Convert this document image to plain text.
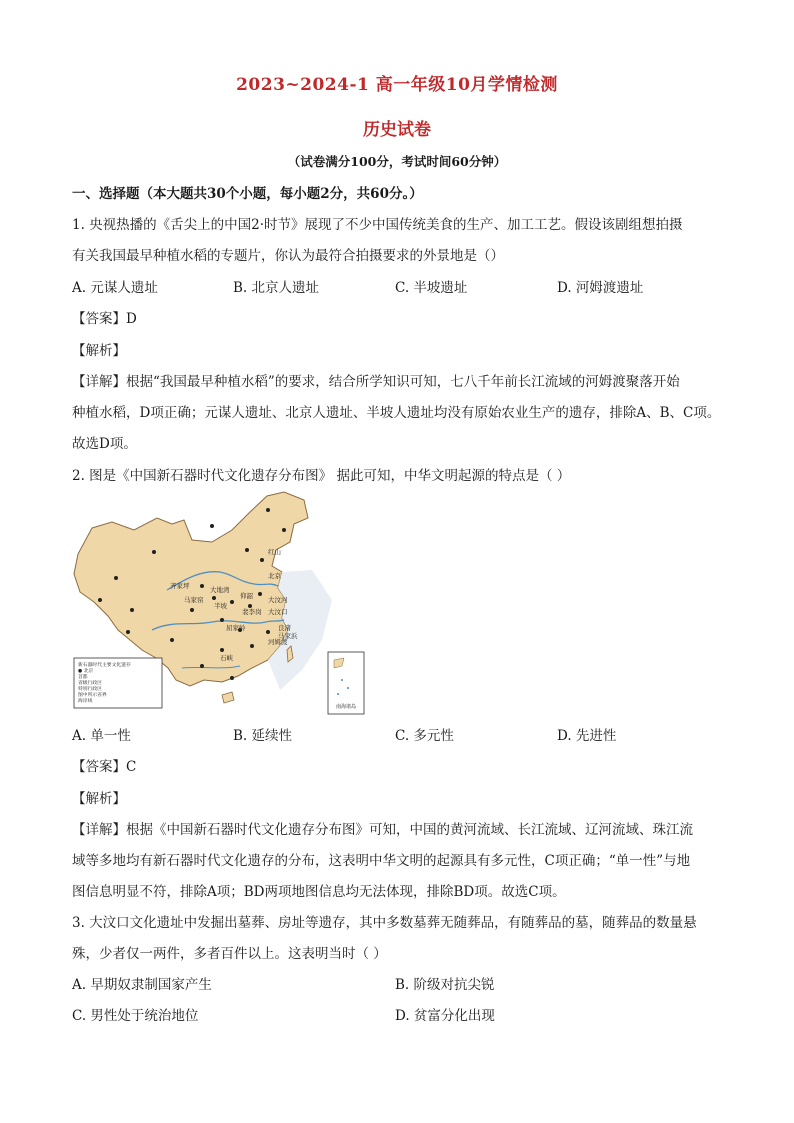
2023~2024-1 高一年级10月学情检测
历史试卷
（试卷满分100分，考试时间60分钟）
一、选择题（本大题共30个小题，每小题2分，共60分。）
1. 央视热播的《舌尖上的中国2·时节》展现了不少中国传统美食的生产、加工工艺。假设该剧组想拍摄
有关我国最早种植水稻的专题片，你认为最符合拍摄要求的外景地是（）
A. 元谋人遗址	B. 北京人遗址	C. 半坡遗址	D. 河姆渡遗址
【答案】D
【解析】
【详解】根据“我国最早种植水稻”的要求，结合所学知识可知，七八千年前长江流域的河姆渡聚落开始
种植水稻，D项正确；元谋人遗址、北京人遗址、半坡人遗址均没有原始农业生产的遗存，排除A、B、C项。
故选D项。
2. 图是《中国新石器时代文化遗存分布图》 据此可知，中华文明起源的特点是（ ）
红山
北京
大汶河
大地湾
马家窑
齐家坪
半坡
仰韶
裴李岗 大汶口
屈家岭	良渚
河姆渡
马家浜
石峡
新石器时代主要文化遗存
● 北京
首都
省级行政区
特别行政区
图中所示省界
海岸线
南海诸岛
A. 单一性	B. 延续性	C. 多元性	D. 先进性
【答案】C
【解析】
【详解】根据《中国新石器时代文化遗存分布图》可知，中国的黄河流域、长江流域、辽河流域、珠江流
域等多地均有新石器时代文化遗存的分布，这表明中华文明的起源具有多元性，C项正确；“单一性”与地
图信息明显不符，排除A项；BD两项地图信息均无法体现，排除BD项。故选C项。
3. 大汶口文化遗址中发掘出墓葬、房址等遗存，其中多数墓葬无随葬品，有随葬品的墓，随葬品的数量悬
殊，少者仅一两件，多者百件以上。这表明当时（ ）
A. 早期奴隶制国家产生	B. 阶级对抗尖锐
C. 男性处于统治地位	D. 贫富分化出现
